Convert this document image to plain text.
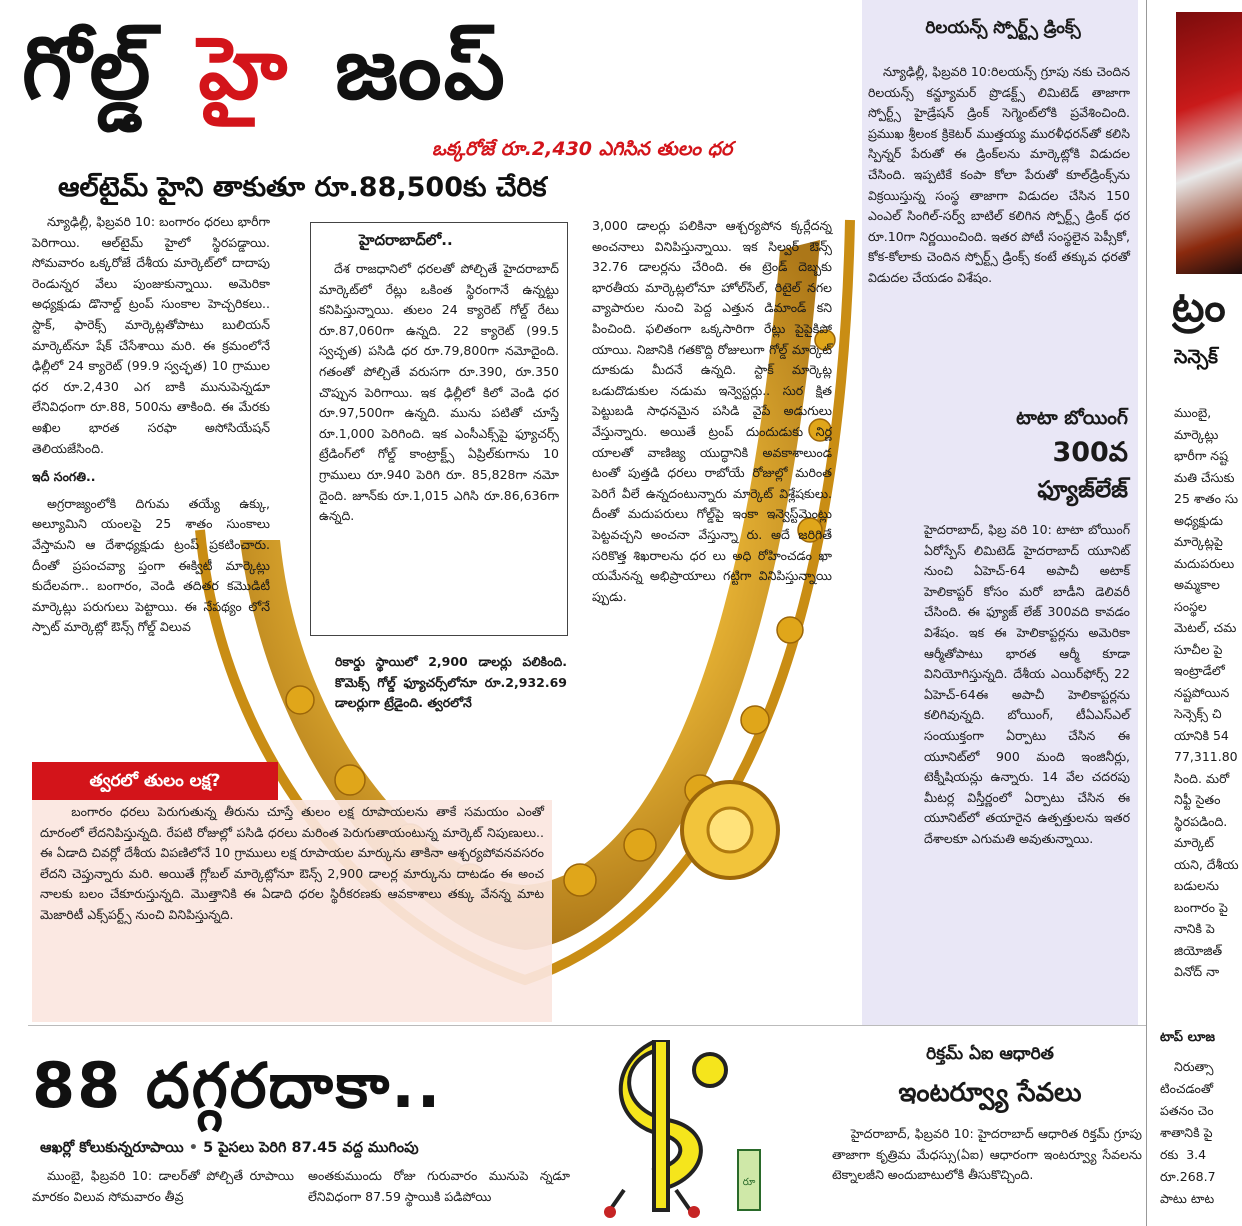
గోల్డ్ హై జంప్
ఒక్కరోజే రూ.2,430 ఎగిసిన తులం ధర
ఆల్‌టైమ్ హైని తాకుతూ రూ.88,500కు చేరిక

న్యూఢిల్లీ, ఫిబ్రవరి 10: బంగారం ధరలు భారీగా పెరిగాయి. ఆల్‌టైమ్ హైలో స్థిరపడ్డాయి. సోమవారం ఒక్కరోజే దేశీయ మార్కెట్‌లో దాదాపు రెండున్నర వేలు పుంజుకున్నాయి. అమెరికా అధ్యక్షుడు డొనాల్డ్ ట్రంప్ సుంకాల హెచ్చరికలు.. స్టాక్, ఫారెక్స్ మార్కెట్లతోపాటు బులియన్ మార్కెట్‌నూ షేక్ చేసేశాయి మరి. ఈ క్రమంలోనే ఢిల్లీలో 24 క్యారెట్ (99.9 స్వచ్ఛత) 10 గ్రాముల ధర రూ.2,430 ఎగ బాకి మునుపెన్నడూ లేనివిధంగా రూ.88, 500ను తాకింది. ఈ మేరకు అఖిల భారత సరఫా అసోసియేషన్ తెలియజేసింది.

ఇదీ సంగతి..

అగ్రరాజ్యంలోకి దిగుమ తయ్యే ఉక్కు, అల్యూమిని యంలపై 25 శాతం సుంకాలు వేస్తామని ఆ దేశాధ్యక్షుడు ట్రంప్ ప్రకటించారు. దీంతో ప్రపంచవ్యా ప్తంగా ఈక్విటీ మార్కెట్లు కుదేలవగా.. బంగారం, వెండి తదితర కమొడిటీ మార్కెట్లు పరుగులు పెట్టాయి. ఈ నేపథ్యం లోనే స్పాట్ మార్కెట్లో ఔన్స్ గోల్డ్ విలువ

హైదరాబాద్‌లో..
దేశ రాజధానిలో ధరలతో పోల్చితే హైదరాబాద్ మార్కెట్‌లో రేట్లు ఒకింత స్థిరంగానే ఉన్నట్టు కనిపిస్తున్నాయి. తులం 24 క్యారెట్ గోల్డ్ రేటు రూ.87,060గా ఉన్నది. 22 క్యారెట్ (99.5 స్వచ్ఛత) పసిడి ధర రూ.79,800గా నమోదైంది. గతంతో పోల్చితే వరుసగా రూ.390, రూ.350 చొప్పున పెరిగాయి. ఇక ఢిల్లీలో కిలో వెండి ధర రూ.97,500గా ఉన్నది. మును పటితో చూస్తే రూ.1,000 పెరిగింది. ఇక ఎంసీఎక్స్‌పై ఫ్యూచర్స్ ట్రేడింగ్‌లో గోల్డ్ కాంట్రాక్ట్స్ ఏప్రిల్‌కుగాను 10 గ్రాములు రూ.940 పెరిగి రూ. 85,828గా నమో దైంది. జూన్‌కు రూ.1,015 ఎగిసి రూ.86,636గా ఉన్నది.
రికార్డు స్థాయిలో 2,900 డాలర్లు పలికింది. కొమెక్స్ గోల్డ్ ఫ్యూచర్స్‌లోనూ రూ.2,932.69 డాలర్లుగా ట్రేడైంది. త్వరలోనే
3,000 డాలర్లు పలికినా ఆశ్చర్యపోన క్కర్లేదన్న అంచనాలు వినిపిస్తున్నాయి. ఇక సిల్వర్ ఔన్స్ 32.76 డాలర్లను చేరింది. ఈ ట్రెండ్ దెబ్బకు భారతీయ మార్కెట్లలోనూ హోల్‌సేల్, రిటైల్ నగల వ్యాపారుల నుంచి పెద్ద ఎత్తున డిమాండ్ కని పించింది. ఫలితంగా ఒక్కసారిగా రేట్లు పైపైకిపో యాయి. నిజానికి గతకొద్ది రోజులుగా గోల్డ్ మార్కెట్ దూకుడు మీదనే ఉన్నది. స్టాక్ మార్కెట్ల ఒడుదొడుకుల నడుమ ఇన్వెస్టర్లు.. సుర క్షిత పెట్టుబడి సాధనమైన పసిడి వైపే అడుగులు వేస్తున్నారు. అయితే ట్రంప్ దుందుడుకు నిర్ణ యాలతో వాణిజ్య యుద్ధానికి అవకాశాలుండ టంతో పుత్తడి ధరలు రాబోయే రోజుల్లో మరింత పెరిగే వీలే ఉన్నదంటున్నారు మార్కెట్ విశ్లేషకులు. దీంతో మదుపరులు గోల్డ్‌పై ఇంకా ఇన్వెస్ట్‌మెంట్లు పెట్టవచ్చని అంచనా వేస్తున్నా రు. అదే జరిగితే సరికొత్త శిఖరాలను ధర లు అధి రోహించడం ఖా యమేనన్న అభిప్రాయాలు గట్టిగా వినిపిస్తున్నాయి ప్పుడు.
త్వరలో తులం లక్ష?
బంగారం ధరలు పెరుగుతున్న తీరును చూస్తే తులం లక్ష రూపాయలను తాకే సమయం ఎంతో దూరంలో లేదనిపిస్తున్నది. రేపటి రోజుల్లో పసిడి ధరలు మరింత పెరుగుతాయంటున్న మార్కెట్ నిపుణులు.. ఈ ఏడాది చివర్లో దేశీయ విపణిలోనే 10 గ్రాములు లక్ష రూపాయల మార్కును తాకినా ఆశ్చర్యపోవనవసరం లేదని చెప్తున్నారు మరి. అయితే గ్లోబల్ మార్కెట్లోనూ ఔన్స్ 2,900 డాలర్ల మార్కును దాటడం ఈ అంచ నాలకు బలం చేకూరుస్తున్నది. మొత్తానికి ఈ ఏడాది ధరల స్థిరీకరణకు ఆవకాశాలు తక్కు వేనన్న మాట మెజారిటీ ఎక్స్‌పర్ట్స్ నుంచి వినిపిస్తున్నది.
రిలయన్స్ స్పోర్ట్స్ డ్రింక్స్
న్యూఢిల్లీ, ఫిబ్రవరి 10:రిలయన్స్ గ్రూపు నకు చెందిన రిలయన్స్ కన్జ్యూమర్ ప్రొడక్ట్స్ లిమిటెడ్ తాజాగా స్పోర్ట్స్ హైడ్రేషన్ డ్రింక్ సెగ్మెంట్‌లోకి ప్రవేశించింది. ప్రముఖ శ్రీలంక క్రికెటర్ ముత్తయ్య మురళీధరన్‌తో కలిసి స్పిన్నర్ పేరుతో ఈ డ్రింక్‌లను మార్కెట్లోకి విడుదల చేసింది. ఇప్పటికే కంపా కోలా పేరుతో కూల్‌డ్రింక్స్‌ను విక్రయిస్తున్న సంస్థ తాజాగా విడుదల చేసిన 150 ఎంఎల్ సింగిల్-సర్వ్ బాటిల్ కలిగిన స్పోర్ట్స్ డ్రింక్ ధర రూ.10గా నిర్ణయించింది. ఇతర పోటీ సంస్థలైన పెప్సీకో, కోక-కోలాకు చెందిన స్పోర్ట్స్ డ్రింక్స్ కంటే తక్కువ ధరతో విడుదల చేయడం విశేషం.
టాటా బోయింగ్
300వ
ఫ్యూజ్‌లేజ్
హైదరాబాద్, ఫిబ్ర వరి 10: టాటా బోయింగ్ ఏరోస్పేస్ లిమిటెడ్ హైదరాబాద్ యూనిట్ నుంచి ఏహెచ్-64 అపాచీ అటాక్ హెలికాప్టర్ కోసం మరో బాడీని డెలివరీ చేసింది. ఈ ఫ్యూజ్ లేజ్ 300వది కావడం విశేషం. ఇక ఈ హెలికాప్టర్లను అమెరికా ఆర్మీతోపాటు భారత ఆర్మీ కూడా వినియోగిస్తున్నది. దేశీయ ఎయిర్‌ఫోర్స్ 22 ఏహెచ్-64ఈ అపాచీ హెలికాప్టర్లను కలిగివున్నది. బోయింగ్, టీఏఎస్‌ఎల్ సంయుక్తంగా ఏర్పాటు చేసిన ఈ యూనిట్‌లో 900 మంది ఇంజినీర్లు, టెక్నీషియన్లు ఉన్నారు. 14 వేల చదరపు మీటర్ల విస్తీర్ణంలో ఏర్పాటు చేసిన ఈ యూనిట్‌లో తయారైన ఉత్పత్తులను ఇతర దేశాలకూ ఎగుమతి అవుతున్నాయి.
ట్రం
సెన్సెక్
ముంబై,
మార్కెట్లు
భారీగా నష్ట
మతి చేసుకు
25 శాతం సు
అధ్యక్షుడు
మార్కెట్లపై
మదుపరులు
అమ్మకాల
సంస్థల
మెటల్, చమ
సూచీల పై
ఇంట్రాడేలో
నష్టపోయిన
సెన్సెక్స్ చి
యానికి 54
77,311.80
సింది. మరో
నిఫ్టీ సైతం
స్థిరపడింది.
మార్కెట్
యని, దేశీయ
బడులను
బంగారం పై
నానికి పె
జియోజిత్
వినోద్ నా
టాప్ లూజ
నిరుత్సా
టించడంతో
పతనం చెం
శాతానికి పై
రకు 3.4
రూ.268.7
పాటు టాట
88 దగ్గరదాకా..
ఆఖర్లో కోలుకున్నరూపాయి • 5 పైసలు పెరిగి 87.45 వద్ద ముగింపు
ముంబై, ఫిబ్రవరి 10: డాలర్‌తో పోల్చితే రూపాయి మారకం విలువ సోమవారం తీవ్ర
అంతకుముందు రోజు గురువారం మునుపె న్నడూ లేనివిధంగా 87.59 స్థాయికి పడిపోయి
రూ
రిక్తమ్ ఏఐ ఆధారిత
ఇంటర్వ్యూ సేవలు
హైదరాబాద్, ఫిబ్రవరి 10: హైదరాబాద్ ఆధారిత రిక్తమ్ గ్రూపు తాజాగా కృత్రిమ మేధస్సు(ఏఐ) ఆధారంగా ఇంటర్వ్యూ సేవలను టెక్నాలజీని అందుబాటులోకి తీసుకొచ్చింది.
